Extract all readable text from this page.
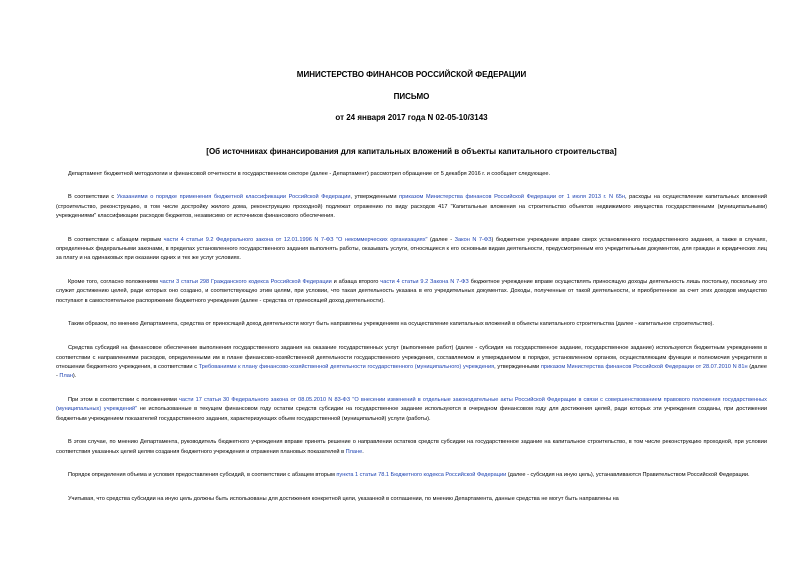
МИНИСТЕРСТВО ФИНАНСОВ РОССИЙСКОЙ ФЕДЕРАЦИИ
ПИСЬМО
от 24 января 2017 года N 02-05-10/3143
[Об источниках финансирования для капитальных вложений в объекты капитального строительства]

Департамент бюджетной методологии и финансовой отчетности в государственном секторе (далее - Департамент) рассмотрел обращение от 5 декабря 2016 г. и сообщает следующее.

В соответствии с Указаниями о порядке применения бюджетной классификации Российской Федерации, утвержденными приказом Министерства финансов Российской Федерации от 1 июля 2013 г. N 65н, расходы на осуществление капитальных вложений (строительство, реконструкцию, в том числе достройку жилого дома, реконструкцию проходной) подлежат отражению по виду расходов 417 "Капитальные вложения на строительство объектов недвижимого имущества государственными (муниципальными) учреждениями" классификации расходов бюджетов, независимо от источников финансового обеспечения.

В соответствии с абзацем первым части 4 статьи 9.2 Федерального закона от 12.01.1996 N 7-ФЗ "О некоммерческих организациях" (далее - Закон N 7-ФЗ) бюджетное учреждение вправе сверх установленного государственного задания, а также в случаях, определенных федеральными законами, в пределах установленного государственного задания выполнять работы, оказывать услуги, относящиеся к его основным видам деятельности, предусмотренным его учредительным документом, для граждан и юридических лиц за плату и на одинаковых при оказании одних и тех же услуг условиях.

Кроме того, согласно положениям части 3 статьи 298 Гражданского кодекса Российской Федерации и абзаца второго части 4 статьи 9.2 Закона N 7-ФЗ бюджетное учреждение вправе осуществлять приносящую доходы деятельность лишь постольку, поскольку это служит достижению целей, ради которых оно создано, и соответствующую этим целям, при условии, что такая деятельность указана в его учредительных документах. Доходы, полученные от такой деятельности, и приобретенное за счет этих доходов имущество поступают в самостоятельное распоряжение бюджетного учреждения (далее - средства от приносящей доход деятельности).

Таким образом, по мнению Департамента, средства от приносящей доход деятельности могут быть направлены учреждением на осуществление капитальных вложений в объекты капитального строительства (далее - капитальное строительство).

Средства субсидий на финансовое обеспечение выполнения государственного задания на оказание государственных услуг (выполнение работ) (далее - субсидия на государственное задание, государственное задание) используются бюджетным учреждением в соответствии с направлениями расходов, определенными им в плане финансово-хозяйственной деятельности государственного учреждения, составляемом и утверждаемом в порядке, установленном органом, осуществляющим функции и полномочия учредителя в отношении бюджетного учреждения, в соответствии с Требованиями к плану финансово-хозяйственной деятельности государственного (муниципального) учреждения, утвержденными приказом Министерства финансов Российской Федерации от 28.07.2010 N 81н (далее - План).

При этом в соответствии с положениями части 17 статьи 30 Федерального закона от 08.05.2010 N 83-ФЗ "О внесении изменений в отдельные законодательные акты Российской Федерации в связи с совершенствованием правового положения государственных (муниципальных) учреждений" не использованные в текущем финансовом году остатки средств субсидии на государственное задание используются в очередном финансовом году для достижения целей, ради которых эти учреждения созданы, при достижении бюджетным учреждением показателей государственного задания, характеризующих объем государственной (муниципальной) услуги (работы).

В этом случае, по мнению Департамента, руководитель бюджетного учреждения вправе принять решение о направлении остатков средств субсидии на государственное задание на капитальное строительство, в том числе реконструкцию проходной, при условии соответствия указанных целей целям создания бюджетного учреждения и отражения плановых показателей в Плане.

Порядок определения объема и условия предоставления субсидий, в соответствии с абзацем вторым пункта 1 статьи 78.1 Бюджетного кодекса Российской Федерации (далее - субсидия на иную цель), устанавливаются Правительством Российской Федерации.

Учитывая, что средства субсидии на иную цель должны быть использованы для достижения конкретной цели, указанной в соглашении, по мнению Департамента, данные средства не могут быть направлены на
